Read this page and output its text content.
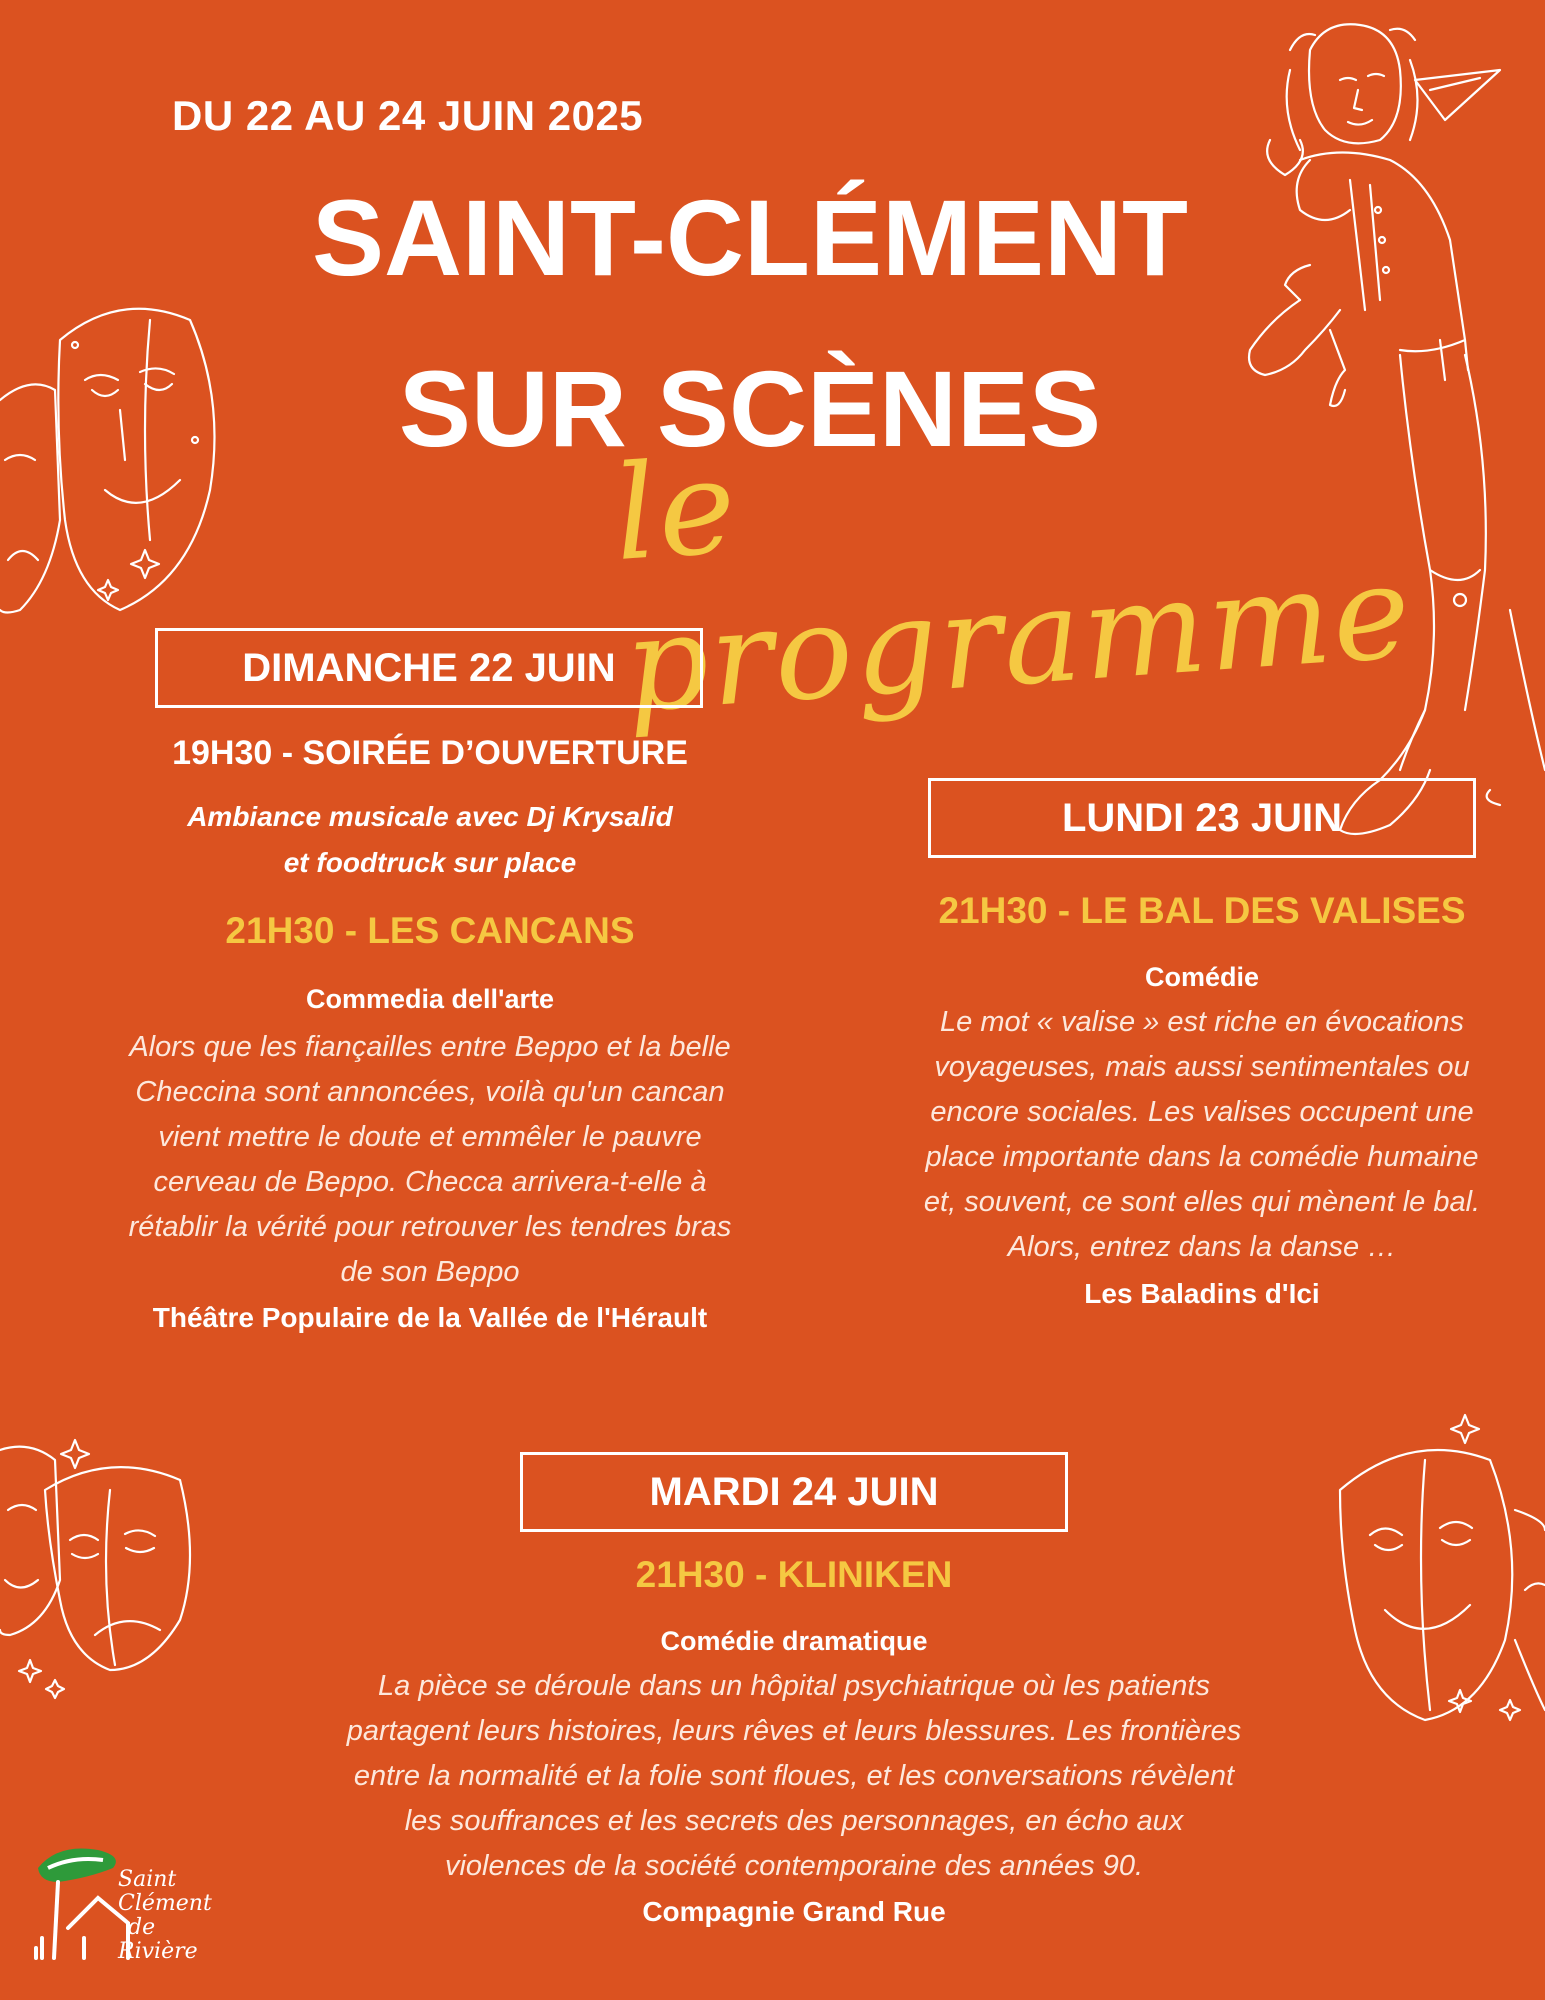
DU 22 AU 24 JUIN 2025
SAINT-CLÉMENT
SUR SCÈNES
le programme
DIMANCHE 22 JUIN
19H30 - SOIRÉE D’OUVERTURE
Ambiance musicale avec Dj Krysalid
et foodtruck sur place
21H30 - LES CANCANS
Commedia dell'arte
Alors que les fiançailles entre Beppo et la belle
Checcina sont annoncées, voilà qu'un cancan
vient mettre le doute et emmêler le pauvre
cerveau de Beppo. Checca arrivera-t-elle à
rétablir la vérité pour retrouver les tendres bras
de son Beppo
Théâtre Populaire de la Vallée de l'Hérault
LUNDI 23 JUIN
21H30 - LE BAL DES VALISES
Comédie
Le mot « valise » est riche en évocations
voyageuses, mais aussi sentimentales ou
encore sociales. Les valises occupent une
place importante dans la comédie humaine
et, souvent, ce sont elles qui mènent le bal.
Alors, entrez dans la danse …
Les Baladins d'Ici
MARDI 24 JUIN
21H30 - KLINIKEN
Comédie dramatique
La pièce se déroule dans un hôpital psychiatrique où les patients
partagent leurs histoires, leurs rêves et leurs blessures. Les frontières
entre la normalité et la folie sont floues, et les conversations révèlent
les souffrances et les secrets des personnages, en écho aux
violences de la société contemporaine des années 90.
Compagnie Grand Rue
Saint
Clément
de
Rivière
